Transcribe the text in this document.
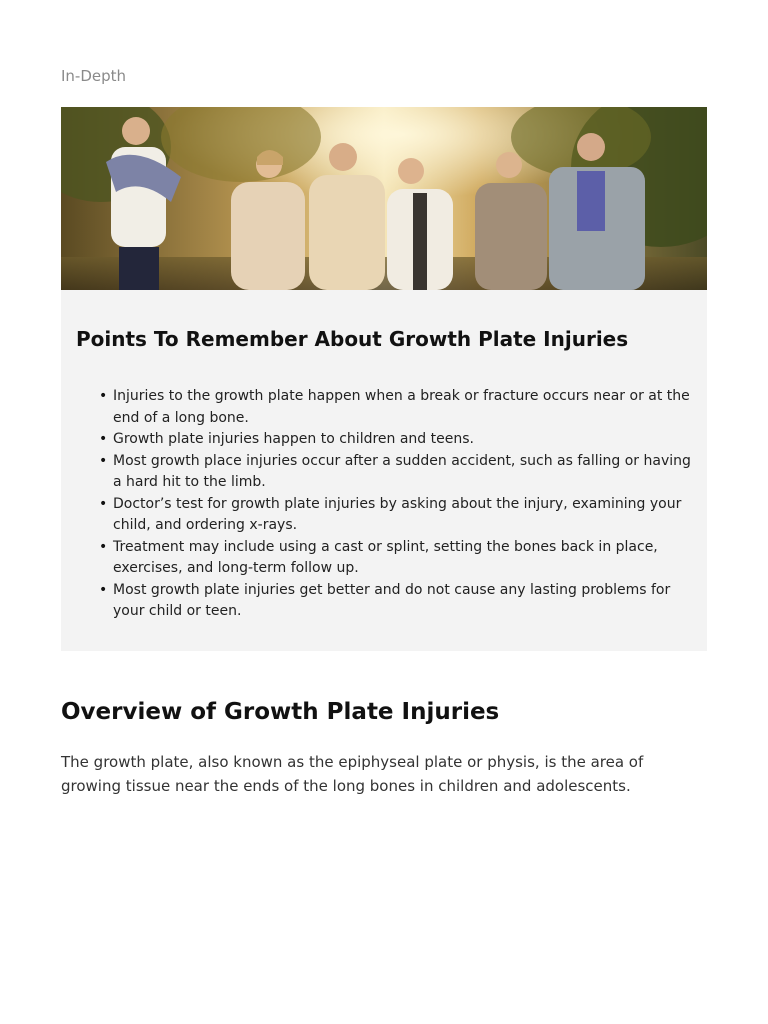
In-Depth
Points To Remember About Growth Plate Injuries
• Injuries to the growth plate happen when a break or fracture occurs near or at the end of a long bone.
• Growth plate injuries happen to children and teens.
• Most growth place injuries occur after a sudden accident, such as falling or having a hard hit to the limb.
• Doctor’s test for growth plate injuries by asking about the injury, examining your child, and ordering x-rays.
• Treatment may include using a cast or splint, setting the bones back in place, exercises, and long-term follow up.
• Most growth plate injuries get better and do not cause any lasting problems for your child or teen.
Overview of Growth Plate Injuries

The growth plate, also known as the epiphyseal plate or physis, is the area of growing tissue near the ends of the long bones in children and adolescents.
